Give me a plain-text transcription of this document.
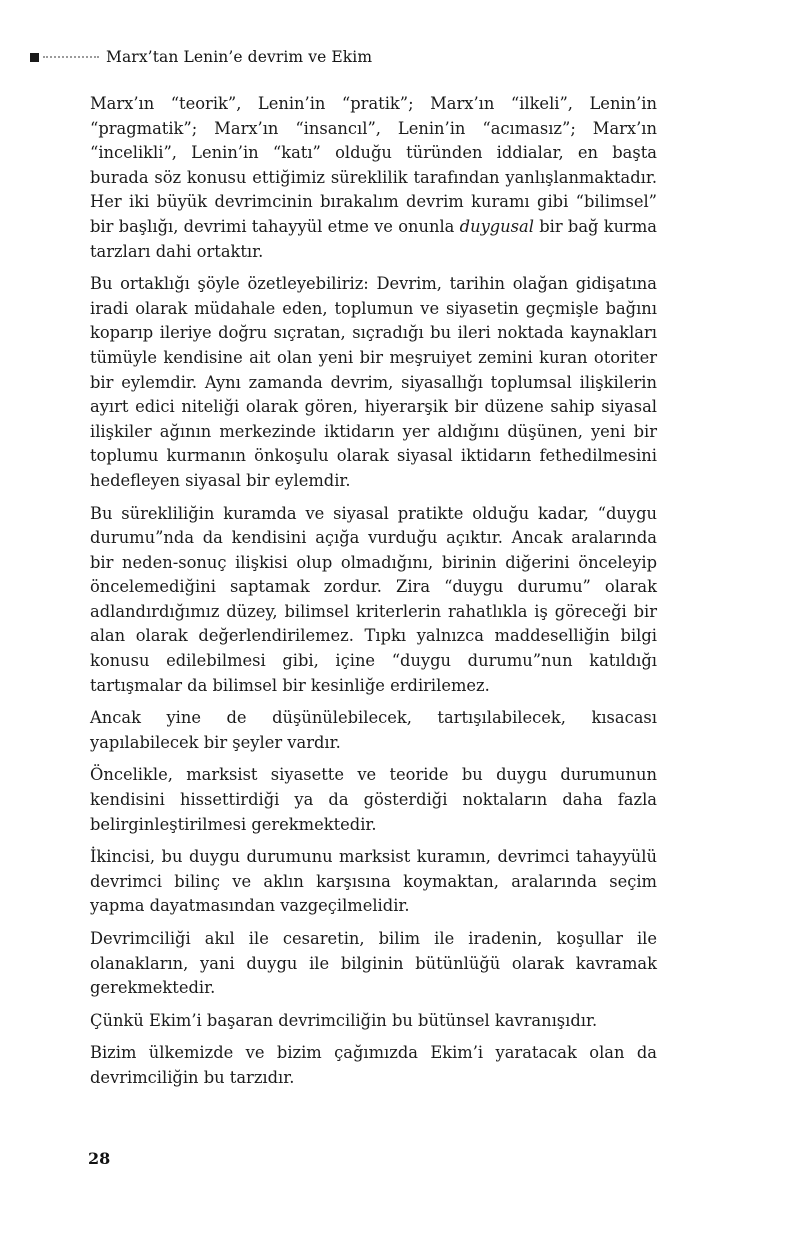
Marx’tan Lenin’e devrim ve Ekim

Marx’ın “teorik”, Lenin’in “pratik”; Marx’ın “ilkeli”, Lenin’in “pragmatik”; Marx’ın “insancıl”, Lenin’in “acımasız”; Marx’ın “incelikli”, Lenin’in “katı” olduğu türünden iddialar, en başta burada söz konusu ettiğimiz süreklilik tarafından yanlışlanmaktadır. Her iki büyük devrimcinin bırakalım devrim kuramı gibi “bilimsel” bir başlığı, devrimi tahayyül etme ve onunla duygusal bir bağ kurma tarzları dahi ortaktır.

Bu ortaklığı şöyle özetleyebiliriz: Devrim, tarihin olağan gidişatına iradi olarak müdahale eden, toplumun ve siyasetin geçmişle bağını koparıp ileriye doğru sıçratan, sıçradığı bu ileri noktada kaynakları tümüyle kendisine ait olan yeni bir meşruiyet zemini kuran otoriter bir eylemdir. Aynı zamanda devrim, siyasallığı toplumsal ilişkilerin ayırt edici niteliği olarak gören, hiyerarşik bir düzene sahip siyasal ilişkiler ağının merkezinde iktidarın yer aldığını düşünen, yeni bir toplumu kurmanın önkoşulu olarak siyasal iktidarın fethedilmesini hedefleyen siyasal bir eylemdir.

Bu sürekliliğin kuramda ve siyasal pratikte olduğu kadar, “duygu durumu”nda da kendisini açığa vurduğu açıktır. Ancak aralarında bir neden-sonuç ilişkisi olup olmadığını, birinin diğerini önceleyip öncelemediğini saptamak zordur. Zira “duygu durumu” olarak adlandırdığımız düzey, bilimsel kriterlerin rahatlıkla iş göreceği bir alan olarak değerlendirilemez. Tıpkı yalnızca maddeselliğin bilgi konusu edilebilmesi gibi, içine “duygu durumu”nun katıldığı tartışmalar da bilimsel bir kesinliğe erdirilemez.

Ancak yine de düşünülebilecek, tartışılabilecek, kısacası yapılabilecek bir şeyler vardır.

Öncelikle, marksist siyasette ve teoride bu duygu durumunun kendisini hissettirdiği ya da gösterdiği noktaların daha fazla belirginleştirilmesi gerekmektedir.

İkincisi, bu duygu durumunu marksist kuramın, devrimci tahayyülü devrimci bilinç ve aklın karşısına koymaktan, aralarında seçim yapma dayatmasından vazgeçilmelidir.

Devrimciliği akıl ile cesaretin, bilim ile iradenin, koşullar ile olanakların, yani duygu ile bilginin bütünlüğü olarak kavramak gerekmektedir.

Çünkü Ekim’i başaran devrimciliğin bu bütünsel kavranışıdır.

Bizim ülkemizde ve bizim çağımızda Ekim’i yaratacak olan da devrimciliğin bu tarzıdır.

28
